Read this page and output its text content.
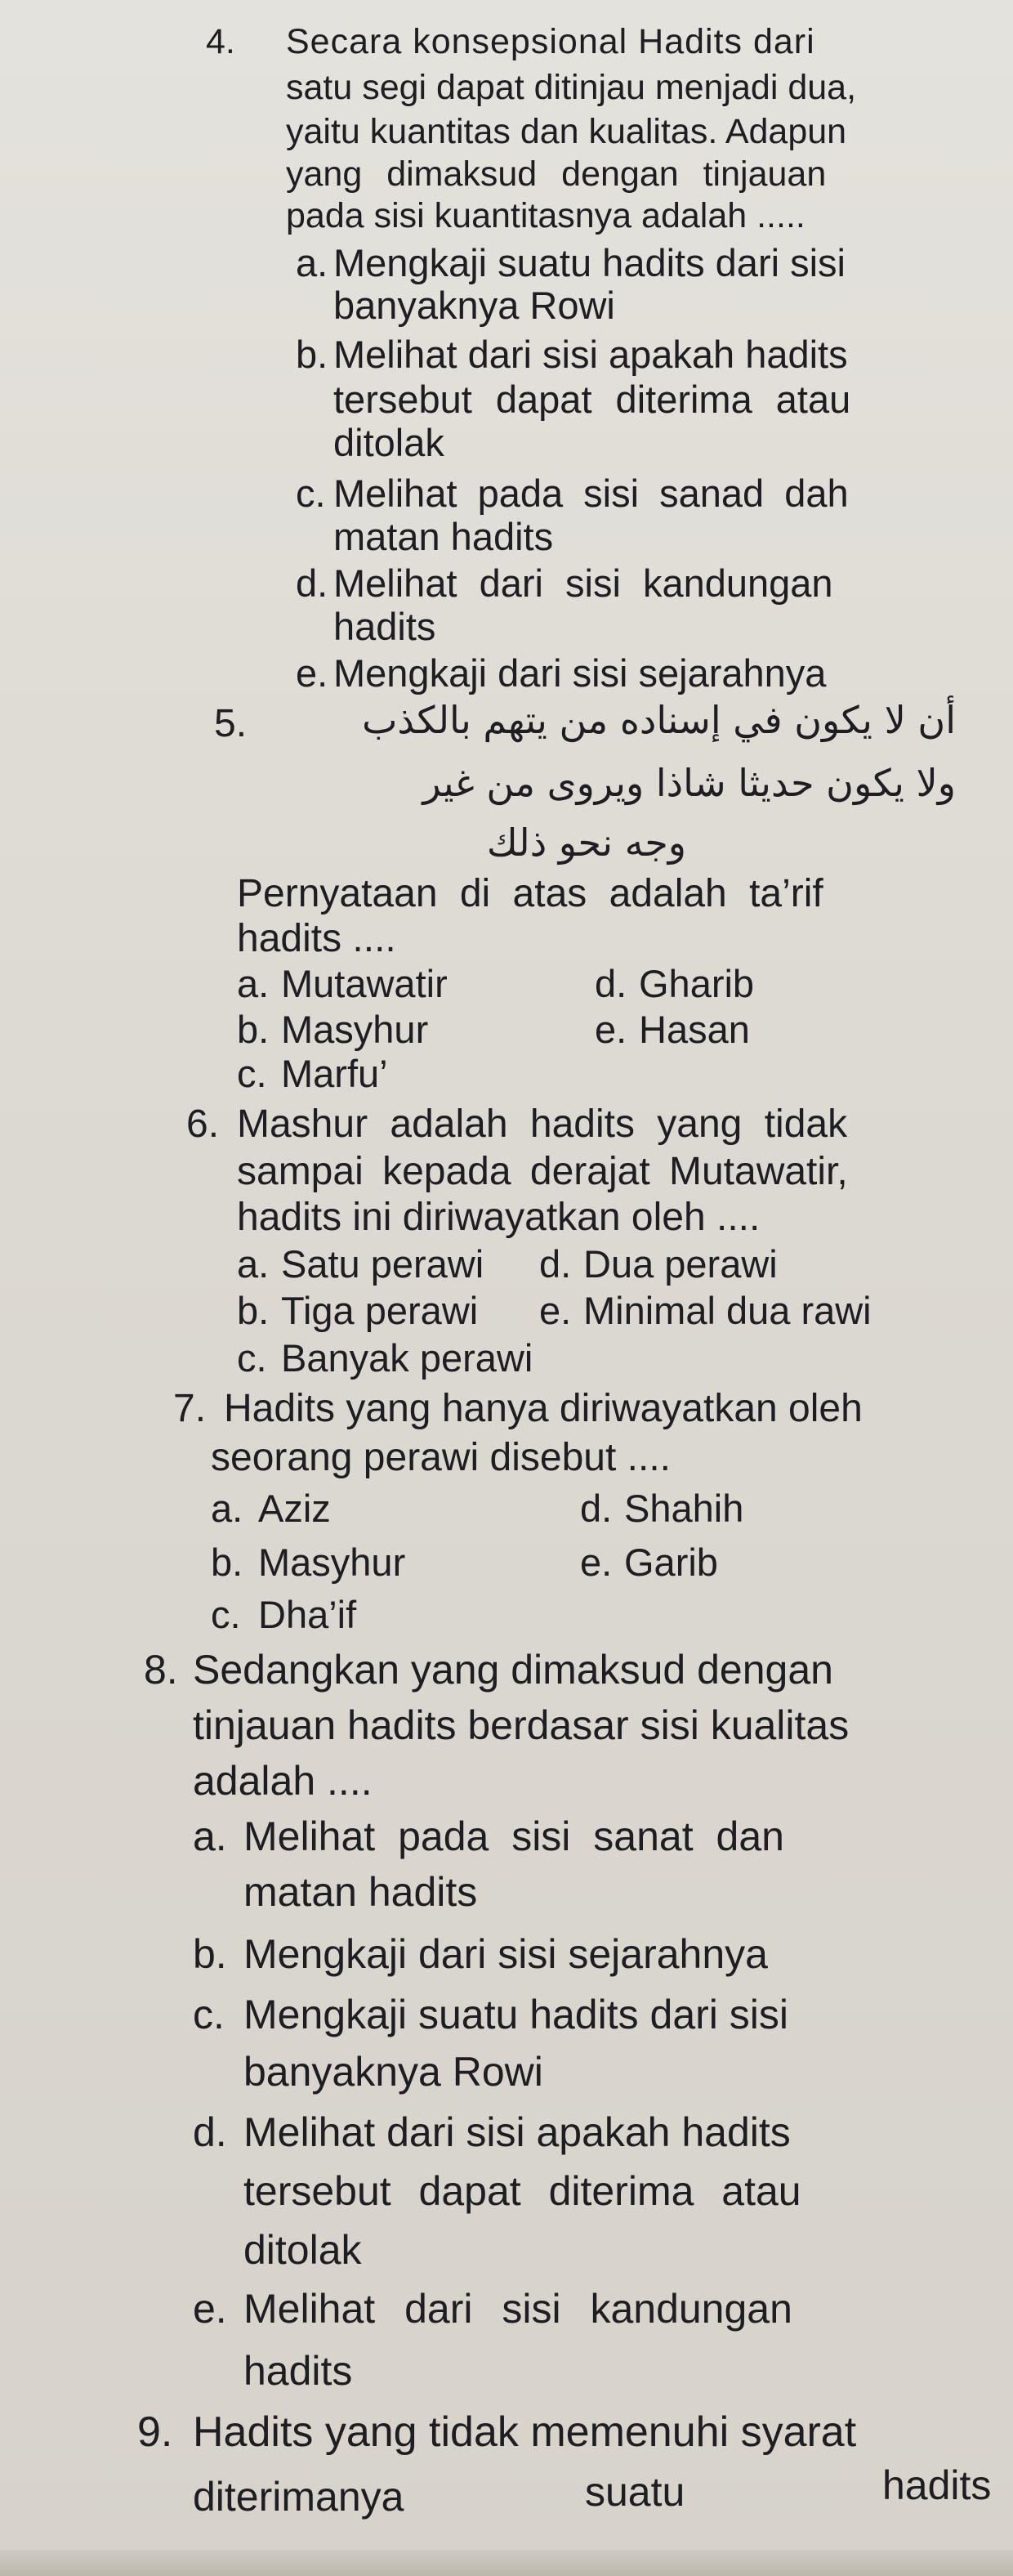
4. Secara konsepsional Hadits dari
satu segi dapat ditinjau menjadi dua,
yaitu kuantitas dan kualitas. Adapun
yang dimaksud dengan tinjauan
pada sisi kuantitasnya adalah .....
a. Mengkaji suatu hadits dari sisi
banyaknya Rowi
b. Melihat dari sisi apakah hadits
tersebut dapat diterima atau
ditolak
c. Melihat pada sisi sanad dah
matan hadits
d. Melihat dari sisi kandungan
hadits
e. Mengkaji dari sisi sejarahnya
5.	أن لا يكون في إسناده من يتهم بالكذب
ولا يكون حديثا شاذا ويروى من غير
وجه نحو ذلك
Pernyataan di atas adalah ta’rif
hadits ....
a. Mutawatir	d. Gharib
b. Masyhur	e. Hasan
c. Marfu’
6. Mashur adalah hadits yang tidak
sampai kepada derajat Mutawatir,
hadits ini diriwayatkan oleh ....
a. Satu perawi d. Dua perawi
b. Tiga perawi e. Minimal dua rawi
c. Banyak perawi
7. Hadits yang hanya diriwayatkan oleh
seorang perawi disebut ....
a. Aziz	d. Shahih
b. Masyhur	e. Garib
c. Dha’if
8. Sedangkan yang dimaksud dengan
tinjauan hadits berdasar sisi kualitas
adalah ....
a. Melihat pada sisi sanat dan
matan hadits
b. Mengkaji dari sisi sejarahnya
c. Mengkaji suatu hadits dari sisi
banyaknya Rowi
d. Melihat dari sisi apakah hadits
tersebut dapat diterima atau
ditolak
e. Melihat dari sisi kandungan
hadits
9. Hadits yang tidak memenuhi syarat
diterimanya	suatu	hadits
